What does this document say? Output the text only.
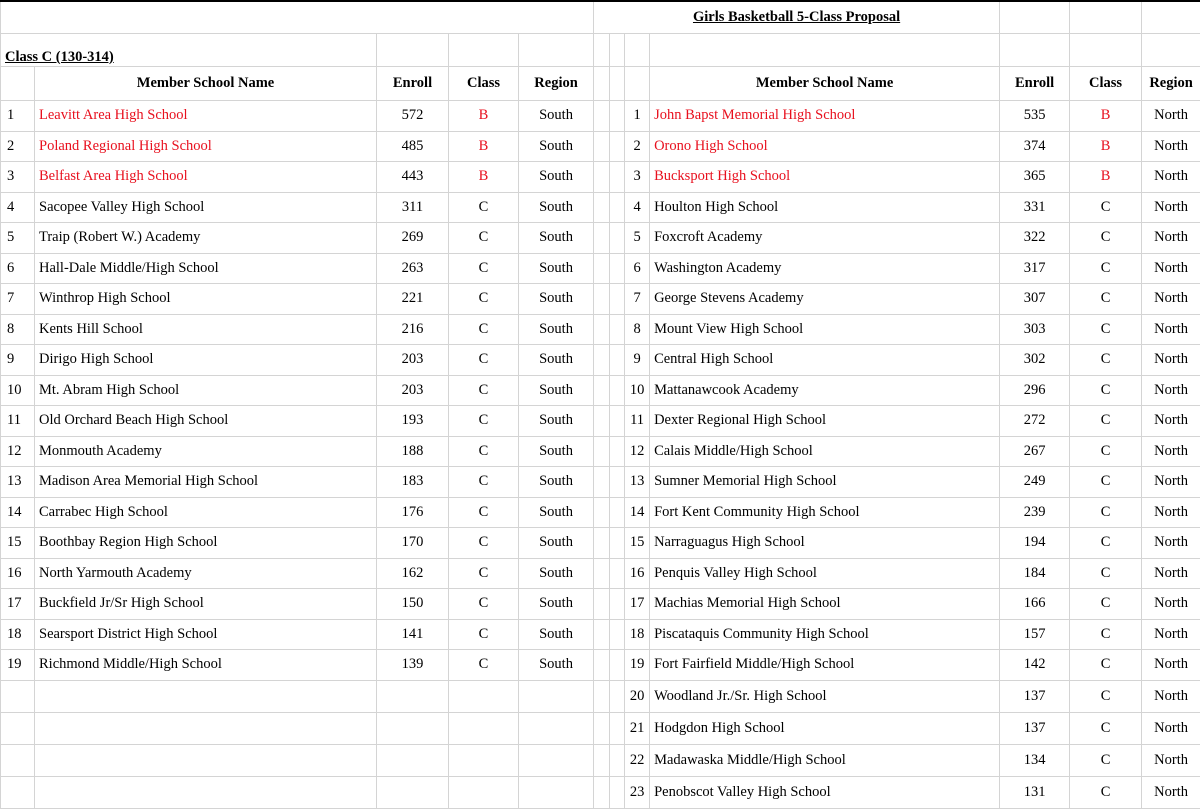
					Girls Basketball 5-Class Proposal						
Class C (130-314)											
	Member School Name	Enroll	Class	Region				Member School Name	Enroll	Class	Region
1	Leavitt Area High School	572	B	South			1	John Bapst Memorial High School	535	B	North
2	Poland Regional High School	485	B	South			2	Orono High School	374	B	North
3	Belfast Area High School	443	B	South			3	Bucksport High School	365	B	North
4	Sacopee Valley High School	311	C	South			4	Houlton High School	331	C	North
5	Traip (Robert W.) Academy	269	C	South			5	Foxcroft Academy	322	C	North
6	Hall-Dale Middle/High School	263	C	South			6	Washington Academy	317	C	North
7	Winthrop High School	221	C	South			7	George Stevens Academy	307	C	North
8	Kents Hill School	216	C	South			8	Mount View High School	303	C	North
9	Dirigo High School	203	C	South			9	Central High School	302	C	North
10	Mt. Abram High School	203	C	South			10	Mattanawcook Academy	296	C	North
11	Old Orchard Beach High School	193	C	South			11	Dexter Regional High School	272	C	North
12	Monmouth Academy	188	C	South			12	Calais Middle/High School	267	C	North
13	Madison Area Memorial High School	183	C	South			13	Sumner Memorial High School	249	C	North
14	Carrabec High School	176	C	South			14	Fort Kent Community High School	239	C	North
15	Boothbay Region High School	170	C	South			15	Narraguagus High School	194	C	North
16	North Yarmouth Academy	162	C	South			16	Penquis Valley High School	184	C	North
17	Buckfield Jr/Sr High School	150	C	South			17	Machias Memorial High School	166	C	North
18	Searsport District High School	141	C	South			18	Piscataquis Community High School	157	C	North
19	Richmond Middle/High School	139	C	South			19	Fort Fairfield Middle/High School	142	C	North
							20	Woodland Jr./Sr. High School	137	C	North
							21	Hodgdon High School	137	C	North
							22	Madawaska Middle/High School	134	C	North
							23	Penobscot Valley High School	131	C	North
